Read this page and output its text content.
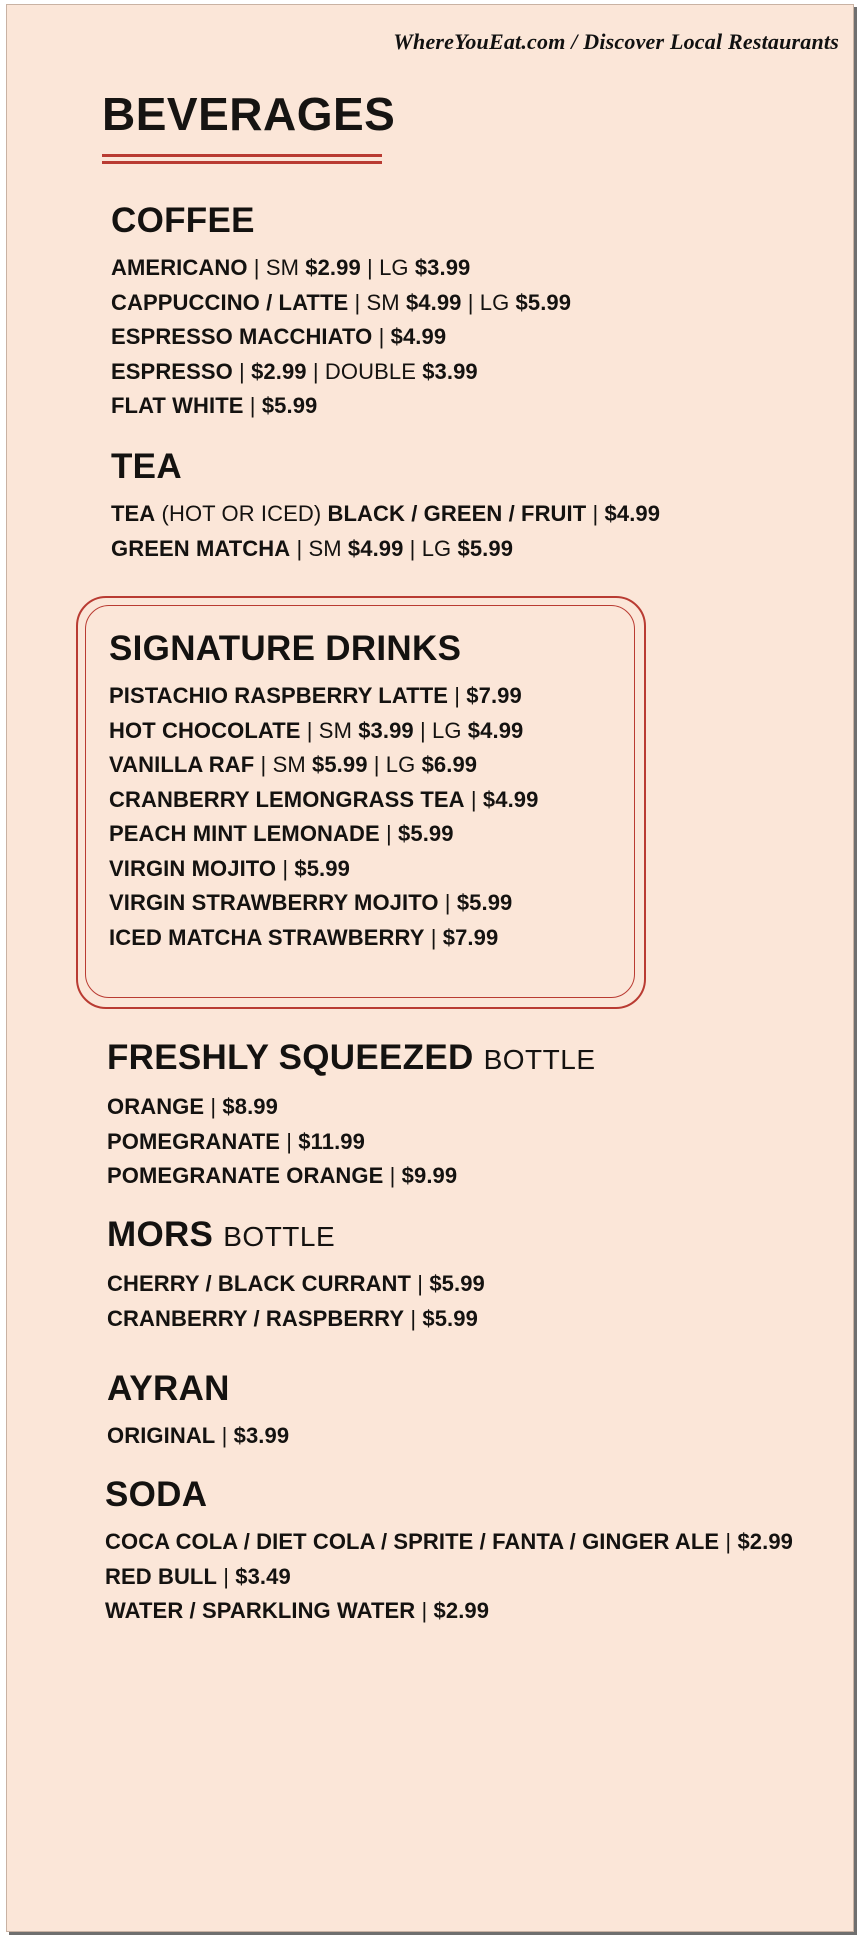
WhereYouEat.com / Discover Local Restaurants
BEVERAGES
COFFEE
AMERICANO | SM $2.99 | LG $3.99
CAPPUCCINO / LATTE | SM $4.99 | LG $5.99
ESPRESSO MACCHIATO | $4.99
ESPRESSO | $2.99 | DOUBLE $3.99
FLAT WHITE | $5.99
TEA
TEA (HOT OR ICED) BLACK / GREEN / FRUIT | $4.99
GREEN MATCHA | SM $4.99 | LG $5.99
SIGNATURE DRINKS
PISTACHIO RASPBERRY LATTE | $7.99
HOT CHOCOLATE | SM $3.99 | LG $4.99
VANILLA RAF | SM $5.99 | LG $6.99
CRANBERRY LEMONGRASS TEA | $4.99
PEACH MINT LEMONADE | $5.99
VIRGIN MOJITO | $5.99
VIRGIN STRAWBERRY MOJITO | $5.99
ICED MATCHA STRAWBERRY | $7.99
FRESHLY SQUEEZED BOTTLE
ORANGE | $8.99
POMEGRANATE | $11.99
POMEGRANATE ORANGE | $9.99
MORS BOTTLE
CHERRY / BLACK CURRANT | $5.99
CRANBERRY / RASPBERRY | $5.99
AYRAN
ORIGINAL | $3.99
SODA
COCA COLA / DIET COLA / SPRITE / FANTA / GINGER ALE | $2.99
RED BULL | $3.49
WATER / SPARKLING WATER | $2.99
